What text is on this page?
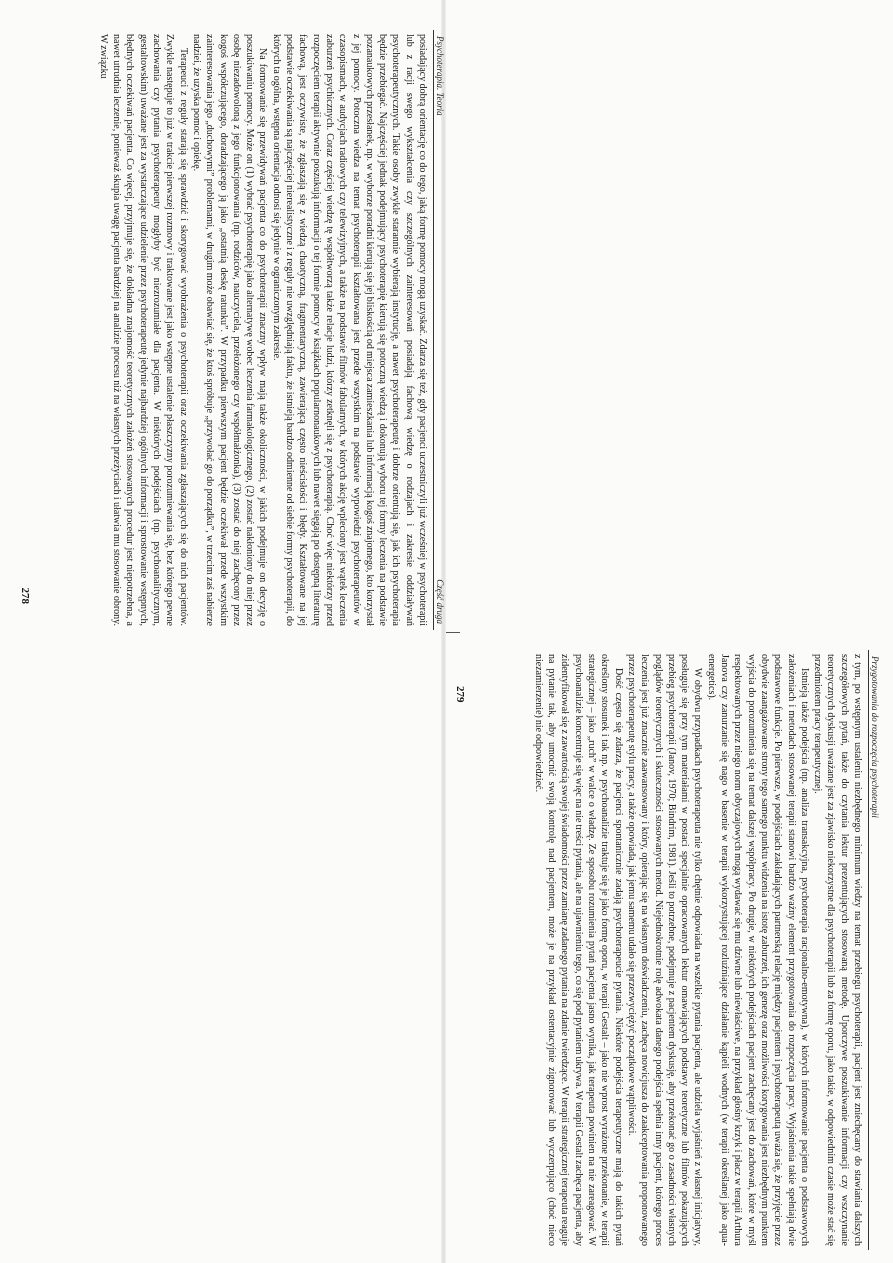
Psychoterapia. Teoria
Część druga

posiadający dobrą orientację co do tego, jaką formę pomocy mogą uzyskać. Zdarza się też, gdy pacjenci uczestniczyli już wcześniej w psychoterapii lub z racji swego wykształcenia czy szczególnych zainteresowań posiadają fachową wiedzę o rodzajach i zakresie oddziaływań psychoterapeutycznych. Takie osoby zwykle starannie wybierają instytucję, a nawet psychoterapeutę i dobrze orientują się, jak ich psychoterapia będzie przebiegać. Najczęściej jednak podejmujący psychoterapię kierują się potoczną wiedzą i dokonują wyboru tej formy leczenia na podstawie pozanaukowych przesłanek, np. w wyborze poradni kierują się jej bliskością od miejsca zamieszkania lub informacją kogoś znajomego, kto korzystał z jej pomocy. Potoczna wiedza na temat psychoterapii kształtowana jest przede wszystkim na podstawie wypowiedzi psychoterapeutów w czasopismach, w audycjach radiowych czy telewizyjnych, a także na podstawie filmów fabularnych, w których akcję wpleciony jest wątek leczenia zaburzeń psychicznych. Coraz częściej wiedzę tę współtworzą także relacje ludzi, którzy zetknęli się z psychoterapią. Choć więc niektórzy przed rozpoczęciem terapii aktywnie poszukują informacji o tej formie pomocy w książkach popularnonaukowych lub nawet sięgają po dostępną literaturę fachową, jest oczywiste, że zgłaszają się z wiedzą chaotyczną, fragmentaryczną, zawierającą często nieścisłości i błędy. Kształtowane na jej podstawie oczekiwania są najczęściej nierealistyczne i z reguły nie uwzględniają faktu, że istnieją bardzo odmienne od siebie formy psychoterapii, do których ta ogólna, wstępna orientacja odnosi się jedynie w ograniczonym zakresie.

Na formowanie się przewidywań pacjenta co do psychoterapii znaczny wpływ mają także okoliczności, w jakich podejmuje on decyzję o poszukiwaniu pomocy. Może on (1) wybrać psychoterapię jako alternatywę wobec leczenia farmakologicznego, (2) zostać nakłoniony do niej przez osobę niezadowoloną z jego funkcjonowania (np. rodziców, nauczyciela, przełożonego czy współmałżonka), (3) zostać do niej zachęcony przez kogoś współczującego, doradzającego ją jako „ostatnią deskę ratunku”. W przypadku pierwszym pacjent będzie oczekiwał przede wszystkim zainteresowania jego „duchowymi” problemami, w drugim może obawiać się, że ktoś spróbuje „przywołać go do porządku”, w trzecim zaś nabierze nadziei, że uzyska pomoc i opiekę.

Terapeuci z reguły starają się sprawdzić i skorygować wyobrażenia o psychoterapii oraz oczekiwania zgłaszających się do nich pacjentów. Zwykle następuje to już w trakcie pierwszej rozmowy i traktowane jest jako wstępne ustalenie płaszczyzny porozumiewania się, bez którego pewne zachowania czy pytania psychoterapeuty mogłyby być niezrozumiałe dla pacjenta. W niektórych podejściach (np. psychoanalitycznym, gestaltowskim) uważane jest za wystarczające udzielenie przez psychoterapeutę jedynie najbardziej ogólnych informacji i sprostowanie wstępnych, błędnych oczekiwań pacjenta. Co więcej, przyjmuje się, że dokładna znajomość teoretycznych założeń stosowanych procedur jest niepotrzebna, a nawet utrudnia leczenie, ponieważ skupia uwagę pacjenta bardziej na analizie procesu niż na własnych przeżyciach i ułatwia mu stosowanie obrony. W związku

278
Przygotowania do rozpoczęcia psychoterapii

z tym, po wstępnym ustaleniu niezbędnego minimum wiedzy na temat przebiegu psychoterapii, pacjent jest zniechęcany do stawiania dalszych szczegółowych pytań, także do czytania lektur prezentujących stosowaną metodę. Uporczywe poszukiwanie informacji czy wszczynanie teoretycznych dyskusji uważane jest za zjawisko niekorzystne dla psychoterapii lub za formę oporu, jako takie, w odpowiednim czasie może stać się przedmiotem pracy terapeutycznej.

Istnieją także podejścia (np. analiza transakcyjna, psychoterapia racjonalno-emotywna), w których informowanie pacjenta o podstawowych założeniach i metodach stosowanej terapii stanowi bardzo ważny element przygotowania do rozpoczęcia pracy. Wyjaśnienia takie spełniają dwie podstawowe funkcje. Po pierwsze, w podejściach zakładających partnerską relację między pacjentem i psychoterapeutą uważa się, że przyjęcie przez obydwie zaangażowane strony tego samego punktu widzenia na istotę zaburzeń, ich genezę oraz możliwości korygowania jest niezbędnym punktem wyjścia do porozumienia się na temat dalszej współpracy. Po drugie, w niektórych podejściach pacjent zachęcany jest do zachowań, które w myśl respektowanych przez niego norm obyczajowych mogą wydawać się mu dziwne lub niewłaściwe, na przykład głośny krzyk i płacz w terapii Arthura Janova czy zanurzanie się nago w basenie w terapii wykorzystującej rozluźniające działanie kąpieli wodnych (w terapii określanej jako aqua-energetics).

W obydwu przypadkach psychoterapeuta nie tylko chętnie odpowiada na wszelkie pytania pacjenta, ale udziela wyjaśnień z własnej inicjatywy, posługuje się przy tym materiałami w postaci specjalnie opracowanych lektur omawiających podstawy teoretyczne lub filmów pokazujących przebieg psychoterapii (Janov, 1970; Bindrim, 1981). Jeśli to potrzebne, podejmuje z pacjentem dyskusję, aby przekonać go o zasadności własnych poglądów teoretycznych i skuteczności stosowanych metod. Niejednokrotnie rolę adwokata danego podejścia spełnia inny pacjent, którego proces leczenia jest już znacznie zaawansowany i który, opierając się na własnym doświadczeniu, zachęca nowicjusza do zaakceptowania proponowanego przez psychoterapeutę stylu pracy, a także opowiada, jak jemu samemu udało się przezwyciężyć początkowe wątpliwości.

Dość często się zdarza, że pacjenci spontanicznie zadają psychoterapeucie pytania. Niektóre podejścia terapeutyczne mają do takich pytań określony stosunek i tak np. w psychoanalizie traktuje się je jako formę oporu, w terapii Gestalt – jako nie wprost wyrażone przekonanie, w terapii strategicznej – jako „ruch” w walce o władzę. Ze sposobu rozumienia pytań pacjenta jasno wynika, jak terapeuta powinien na nie zareagować. W psychoanalizie koncentruje się więc na nie treści pytania, ale na ujawnieniu tego, co się pod pytaniem ukrywa. W terapii Gestalt zachęca pacjenta, aby zidentyfikował się z zawartością swojej świadomości przez zamianę zadanego pytania na zdanie twierdzące. W terapii strategicznej terapeuta reaguje na pytanie tak, aby umocnić swoją kontrolę nad pacjentem, może je na przykład ostentacyjnie zignorować lub wyczerpująco (choć nieco niezamierzenie) nie odpowiedzieć.

279
